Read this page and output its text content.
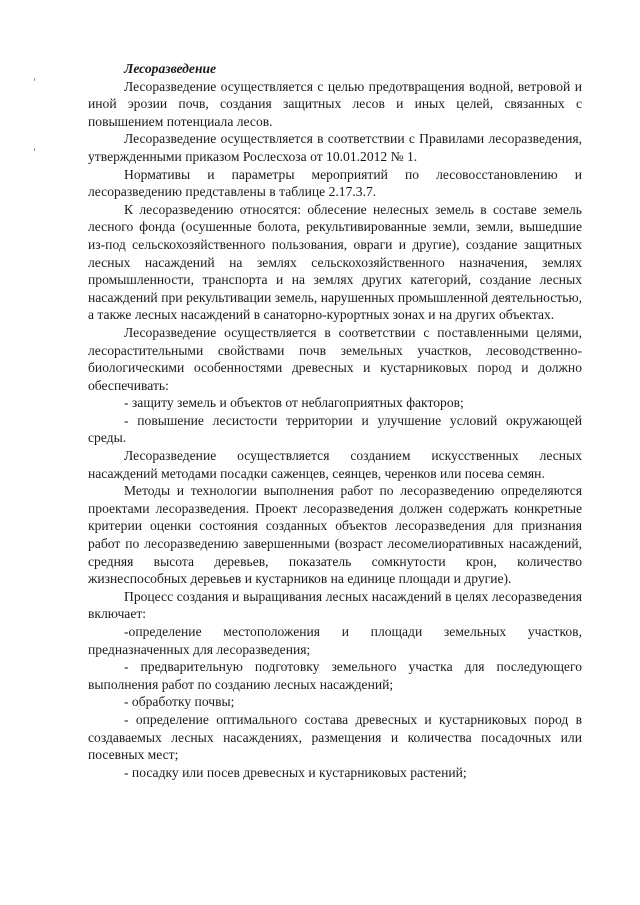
Лесоразведение

Лесоразведение осуществляется с целью предотвращения водной, ветровой и иной эрозии почв, создания защитных лесов и иных целей, связанных с повышением потенциала лесов.

Лесоразведение осуществляется в соответствии с Правилами лесоразведения, утвержденными приказом Рослесхоза от 10.01.2012 № 1.

Нормативы и параметры мероприятий по лесовосстановлению и лесоразведению представлены в таблице 2.17.3.7.

К лесоразведению относятся: облесение нелесных земель в составе земель лесного фонда (осушенные болота, рекультивированные земли, земли, вышедшие из-под сельскохозяйственного пользования, овраги и другие), создание защитных лесных насаждений на землях сельскохозяйственного назначения, землях промышленности, транспорта и на землях других категорий, создание лесных насаждений при рекультивации земель, нарушенных промышленной деятельностью, а также лесных насаждений в санаторно-курортных зонах и на других объектах.

Лесоразведение осуществляется в соответствии с поставленными целями, лесорастительными свойствами почв земельных участков, лесоводственно-биологическими особенностями древесных и кустарниковых пород и должно обеспечивать:

- защиту земель и объектов от неблагоприятных факторов;
- повышение лесистости территории и улучшение условий окружающей среды.

Лесоразведение осуществляется созданием искусственных лесных насаждений методами посадки саженцев, сеянцев, черенков или посева семян.

Методы и технологии выполнения работ по лесоразведению определяются проектами лесоразведения. Проект лесоразведения должен содержать конкретные критерии оценки состояния созданных объектов лесоразведения для признания работ по лесоразведению завершенными (возраст лесомелиоративных насаждений, средняя высота деревьев, показатель сомкнутости крон, количество жизнеспособных деревьев и кустарников на единице площади и другие).

Процесс создания и выращивания лесных насаждений в целях лесоразведения включает:

-определение местоположения и площади земельных участков, предназначенных для лесоразведения;
- предварительную подготовку земельного участка для последующего выполнения работ по созданию лесных насаждений;
- обработку почвы;
- определение оптимального состава древесных и кустарниковых пород в создаваемых лесных насаждениях, размещения и количества посадочных или посевных мест;
- посадку или посев древесных и кустарниковых растений;
